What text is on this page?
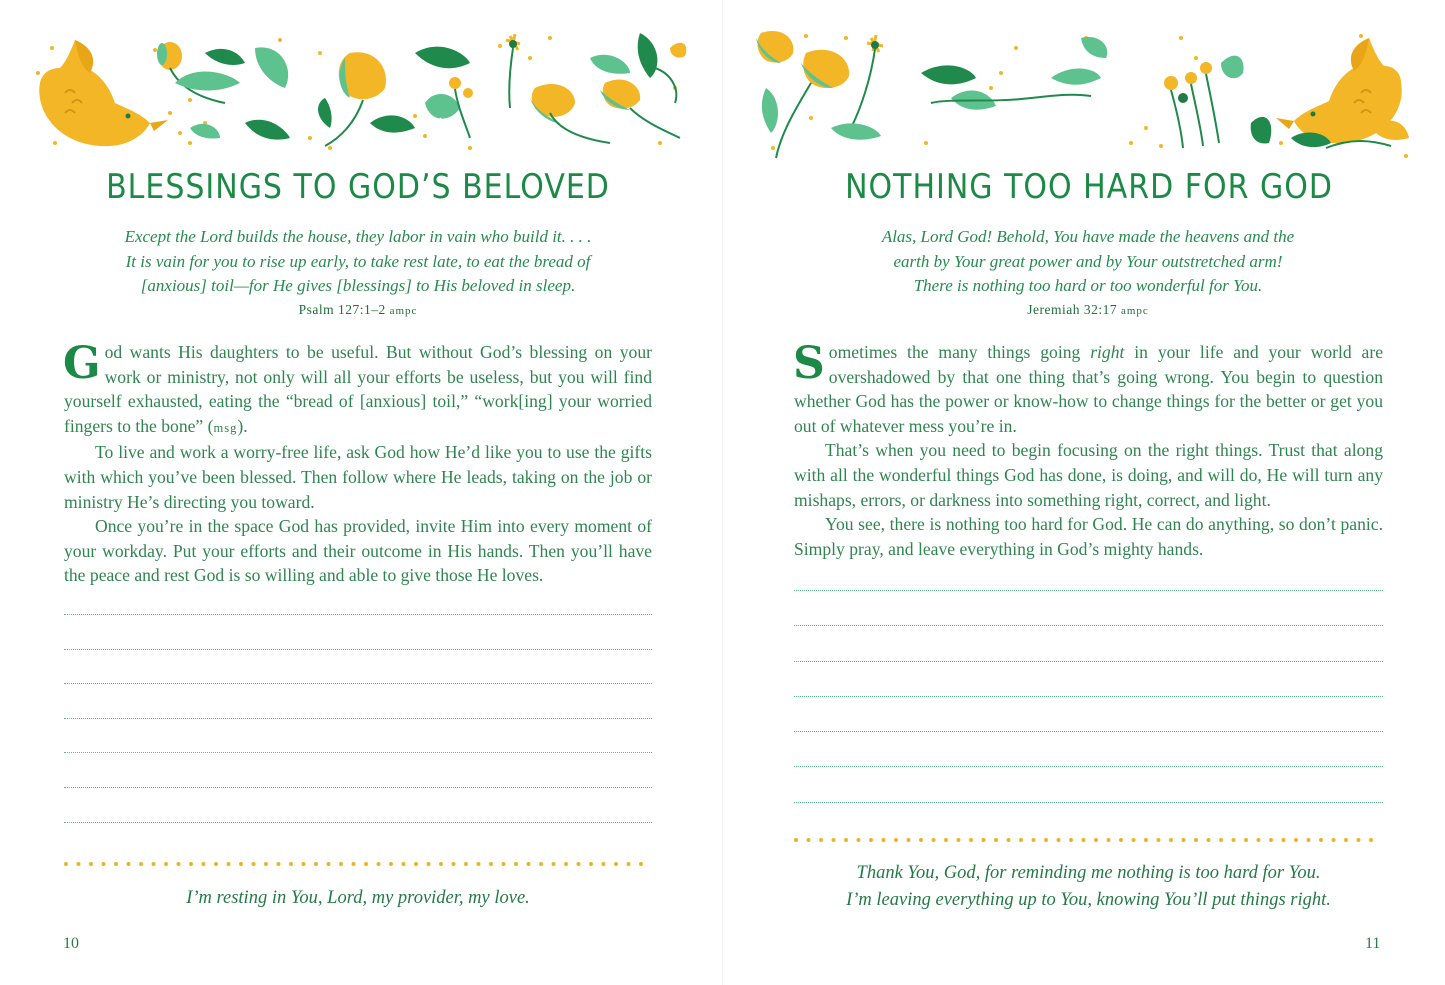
BLESSINGS TO GOD’S BELOVED
Except the Lord builds the house, they labor in vain who build it. . . .
It is vain for you to rise up early, to take rest late, to eat the bread of
[anxious] toil—for He gives [blessings] to His beloved in sleep.
Psalm 127:1–2 ampc

God wants His daughters to be useful. But without God’s blessing on your work or ministry, not only will all your efforts be useless, but you will find yourself exhausted, eating the “bread of [anxious] toil,” “work[ing] your worried fingers to the bone” (msg).

To live and work a worry-free life, ask God how He’d like you to use the gifts with which you’ve been blessed. Then follow where He leads, taking on the job or ministry He’s directing you toward.

Once you’re in the space God has provided, invite Him into every moment of your workday. Put your efforts and their outcome in His hands. Then you’ll have the peace and rest God is so willing and able to give those He loves.

I’m resting in You, Lord, my provider, my love.
10
NOTHING TOO HARD FOR GOD
Alas, Lord God! Behold, You have made the heavens and the
earth by Your great power and by Your outstretched arm!
There is nothing too hard or too wonderful for You.
Jeremiah 32:17 ampc

Sometimes the many things going right in your life and your world are overshadowed by that one thing that’s going wrong. You begin to question whether God has the power or know-how to change things for the better or get you out of whatever mess you’re in.

That’s when you need to begin focusing on the right things. Trust that along with all the wonderful things God has done, is doing, and will do, He will turn any mishaps, errors, or darkness into something right, correct, and light.

You see, there is nothing too hard for God. He can do anything, so don’t panic. Simply pray, and leave everything in God’s mighty hands.

Thank You, God, for reminding me nothing is too hard for You.
I’m leaving everything up to You, knowing You’ll put things right.
11
